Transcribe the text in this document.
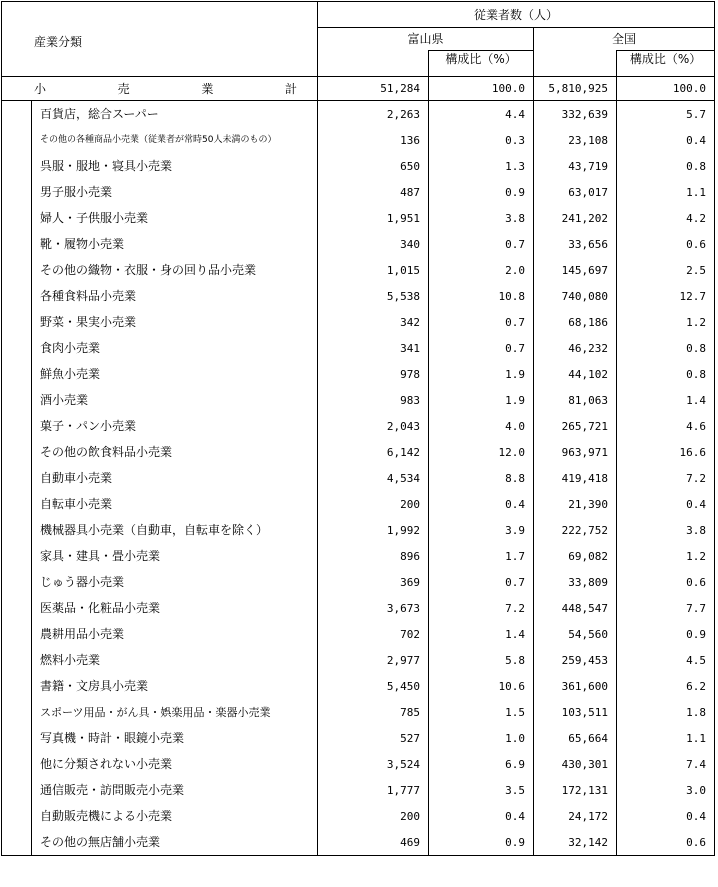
産業分類		従業者数（人）			
		富山県		全国	
			構成比（%）		構成比（%）
小　　売　　業　　計		51,284	100.0	5,810,925	100.0
	百貨店，総合スーパー	2,263	4.4	332,639	5.7
	その他の各種商品小売業（従業者が常時50人未満のもの）	136	0.3	23,108	0.4
	呉服・服地・寝具小売業	650	1.3	43,719	0.8
	男子服小売業	487	0.9	63,017	1.1
	婦人・子供服小売業	1,951	3.8	241,202	4.2
	靴・履物小売業	340	0.7	33,656	0.6
	その他の織物・衣服・身の回り品小売業	1,015	2.0	145,697	2.5
	各種食料品小売業	5,538	10.8	740,080	12.7
	野菜・果実小売業	342	0.7	68,186	1.2
	食肉小売業	341	0.7	46,232	0.8
	鮮魚小売業	978	1.9	44,102	0.8
	酒小売業	983	1.9	81,063	1.4
	菓子・パン小売業	2,043	4.0	265,721	4.6
	その他の飲食料品小売業	6,142	12.0	963,971	16.6
	自動車小売業	4,534	8.8	419,418	7.2
	自転車小売業	200	0.4	21,390	0.4
	機械器具小売業（自動車，自転車を除く）	1,992	3.9	222,752	3.8
	家具・建具・畳小売業	896	1.7	69,082	1.2
	じゅう器小売業	369	0.7	33,809	0.6
	医薬品・化粧品小売業	3,673	7.2	448,547	7.7
	農耕用品小売業	702	1.4	54,560	0.9
	燃料小売業	2,977	5.8	259,453	4.5
	書籍・文房具小売業	5,450	10.6	361,600	6.2
	スポーツ用品・がん具・娯楽用品・楽器小売業	785	1.5	103,511	1.8
	写真機・時計・眼鏡小売業	527	1.0	65,664	1.1
	他に分類されない小売業	3,524	6.9	430,301	7.4
	通信販売・訪問販売小売業	1,777	3.5	172,131	3.0
	自動販売機による小売業	200	0.4	24,172	0.4
	その他の無店舗小売業	469	0.9	32,142	0.6
